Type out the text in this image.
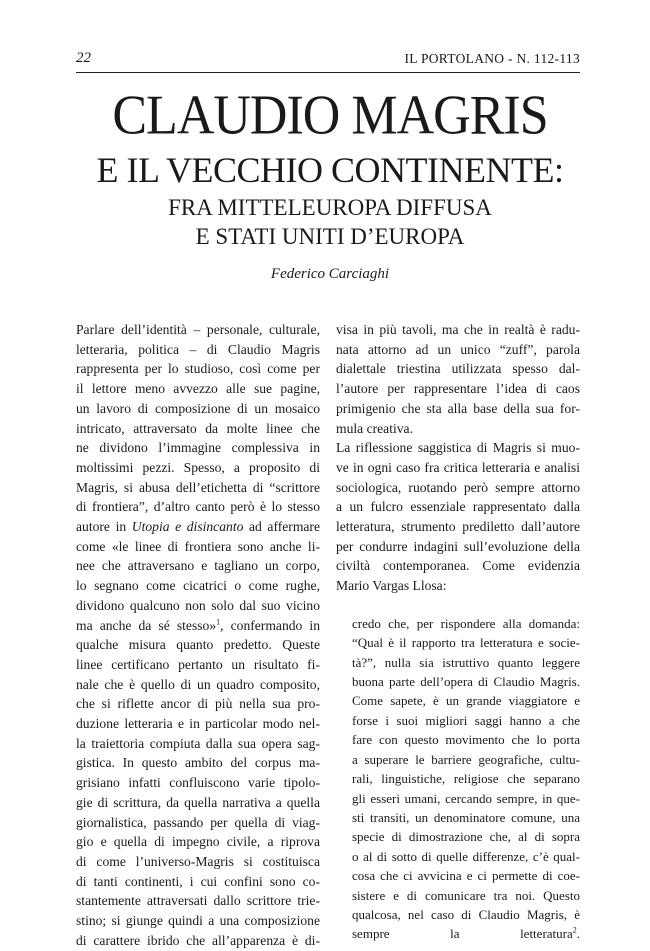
22	IL PORTOLANO - N. 112-113
CLAUDIO MAGRIS
E IL VECCHIO CONTINENTE:
FRA MITTELEUROPA DIFFUSA
E STATI UNITI D’EUROPA
Federico Carciaghi
Parlare dell’identità – personale, culturale,
letteraria, politica – di Claudio Magris
rappresenta per lo studioso, così come per
il lettore meno avvezzo alle sue pagine,
un lavoro di composizione di un mosaico
intricato, attraversato da molte linee che
ne dividono l’immagine complessiva in
moltissimi pezzi. Spesso, a proposito di
Magris, si abusa dell’etichetta di “scrittore
di frontiera”, d’altro canto però è lo stesso
autore in Utopia e disincanto ad affermare
come «le linee di frontiera sono anche li-
nee che attraversano e tagliano un corpo,
lo segnano come cicatrici o come rughe,
dividono qualcuno non solo dal suo vicino
ma anche da sé stesso»$^1$, confermando in
qualche misura quanto predetto. Queste
linee certificano pertanto un risultato fi-
nale che è quello di un quadro composito,
che si riflette ancor di più nella sua pro-
duzione letteraria e in particolar modo nel-
la traiettoria compiuta dalla sua opera sag-
gistica. In questo ambito del corpus ma-
grisiano infatti confluiscono varie tipolo-
gie di scrittura, da quella narrativa a quella
giornalistica, passando per quella di viag-
gio e quella di impegno civile, a riprova
di come l’universo-Magris si costituisca
di tanti continenti, i cui confini sono co-
stantemente attraversati dallo scrittore trie-
stino; si giunge quindi a una composizione
di carattere ibrido che all’apparenza è di-
visa in più tavoli, ma che in realtà è radu-
nata attorno ad un unico “zuff”, parola
dialettale triestina utilizzata spesso dal-
l’autore per rappresentare l’idea di caos
primigenio che sta alla base della sua for-
mula creativa.
La riflessione saggistica di Magris si muo-
ve in ogni caso fra critica letteraria e analisi
sociologica, ruotando però sempre attorno
a un fulcro essenziale rappresentato dalla
letteratura, strumento prediletto dall’autore
per condurre indagini sull’evoluzione della
civiltà contemporanea. Come evidenzia
Mario Vargas Llosa:
credo che, per rispondere alla domanda:
“Qual è il rapporto tra letteratura e socie-
tà?”, nulla sia istruttivo quanto leggere
buona parte dell’opera di Claudio Magris.
Come sapete, è un grande viaggiatore e
forse i suoi migliori saggi hanno a che
fare con questo movimento che lo porta
a superare le barriere geografiche, cultu-
rali, linguistiche, religiose che separano
gli esseri umani, cercando sempre, in que-
sti transiti, un denominatore comune, una
specie di dimostrazione che, al di sopra
o al di sotto di quelle differenze, c’è qual-
cosa che ci avvicina e ci permette di coe-
sistere e di comunicare tra noi. Questo
qualcosa, nel caso di Claudio Magris, è
sempre la letteratura$^2$.
